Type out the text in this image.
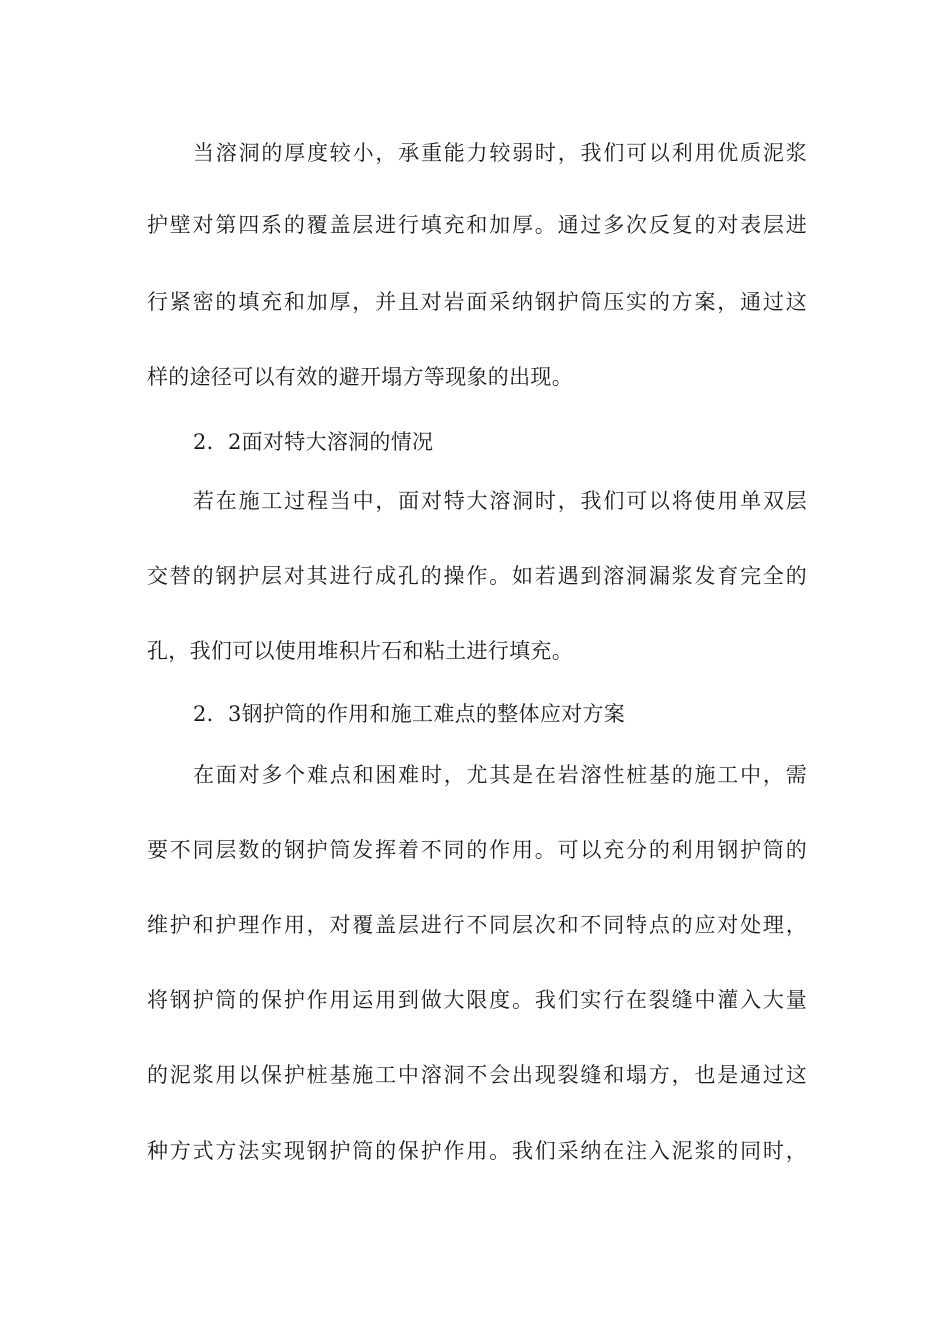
当溶洞的厚度较小，承重能力较弱时，我们可以利用优质泥浆
护壁对第四系的覆盖层进行填充和加厚。通过多次反复的对表层进
行紧密的填充和加厚，并且对岩面采纳钢护筒压实的方案，通过这
样的途径可以有效的避开塌方等现象的出现。
2．2面对特大溶洞的情况
若在施工过程当中，面对特大溶洞时，我们可以将使用单双层
交替的钢护层对其进行成孔的操作。如若遇到溶洞漏浆发育完全的
孔，我们可以使用堆积片石和粘土进行填充。
2．3钢护筒的作用和施工难点的整体应对方案
在面对多个难点和困难时，尤其是在岩溶性桩基的施工中，需
要不同层数的钢护筒发挥着不同的作用。可以充分的利用钢护筒的
维护和护理作用，对覆盖层进行不同层次和不同特点的应对处理，
将钢护筒的保护作用运用到做大限度。我们实行在裂缝中灌入大量
的泥浆用以保护桩基施工中溶洞不会出现裂缝和塌方，也是通过这
种方式方法实现钢护筒的保护作用。我们采纳在注入泥浆的同时，
